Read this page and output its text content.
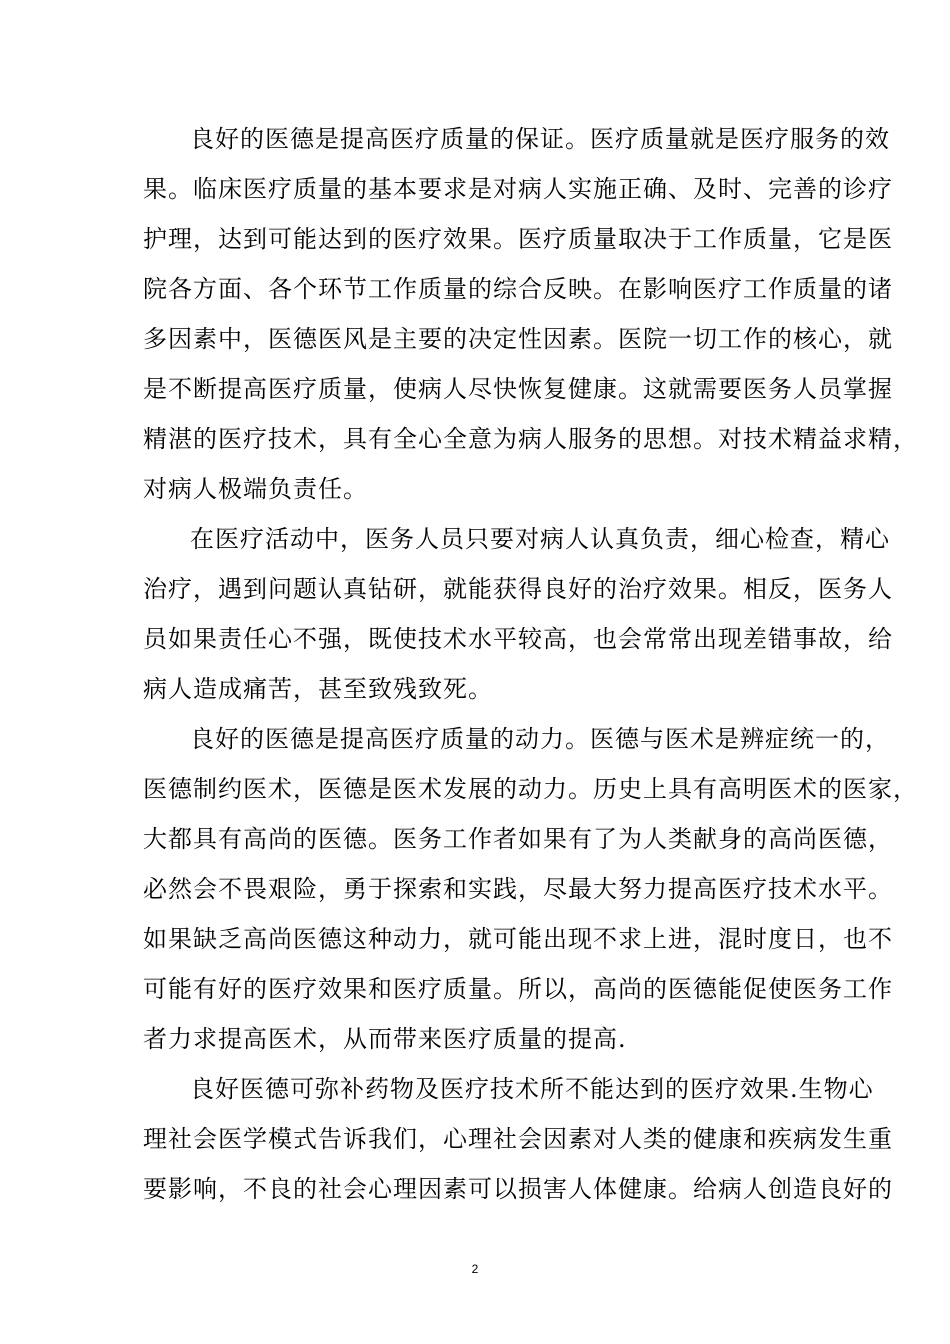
良好的医德是提高医疗质量的保证。医疗质量就是医疗服务的效
果。临床医疗质量的基本要求是对病人实施正确、及时、完善的诊疗
护理，达到可能达到的医疗效果。医疗质量取决于工作质量，它是医
院各方面、各个环节工作质量的综合反映。在影响医疗工作质量的诸
多因素中，医德医风是主要的决定性因素。医院一切工作的核心，就
是不断提高医疗质量，使病人尽快恢复健康。这就需要医务人员掌握
精湛的医疗技术，具有全心全意为病人服务的思想。对技术精益求精，
对病人极端负责任。
在医疗活动中，医务人员只要对病人认真负责，细心检查，精心
治疗，遇到问题认真钻研，就能获得良好的治疗效果。相反，医务人
员如果责任心不强，既使技术水平较高，也会常常出现差错事故，给
病人造成痛苦，甚至致残致死。
良好的医德是提高医疗质量的动力。医德与医术是辨症统一的，
医德制约医术，医德是医术发展的动力。历史上具有高明医术的医家，
大都具有高尚的医德。医务工作者如果有了为人类献身的高尚医德，
必然会不畏艰险，勇于探索和实践，尽最大努力提高医疗技术水平。
如果缺乏高尚医德这种动力，就可能出现不求上进，混时度日，也不
可能有好的医疗效果和医疗质量。所以，高尚的医德能促使医务工作
者力求提高医术，从而带来医疗质量的提高.
良好医德可弥补药物及医疗技术所不能达到的医疗效果.生物心
理社会医学模式告诉我们，心理社会因素对人类的健康和疾病发生重
要影响，不良的社会心理因素可以损害人体健康。给病人创造良好的
2
